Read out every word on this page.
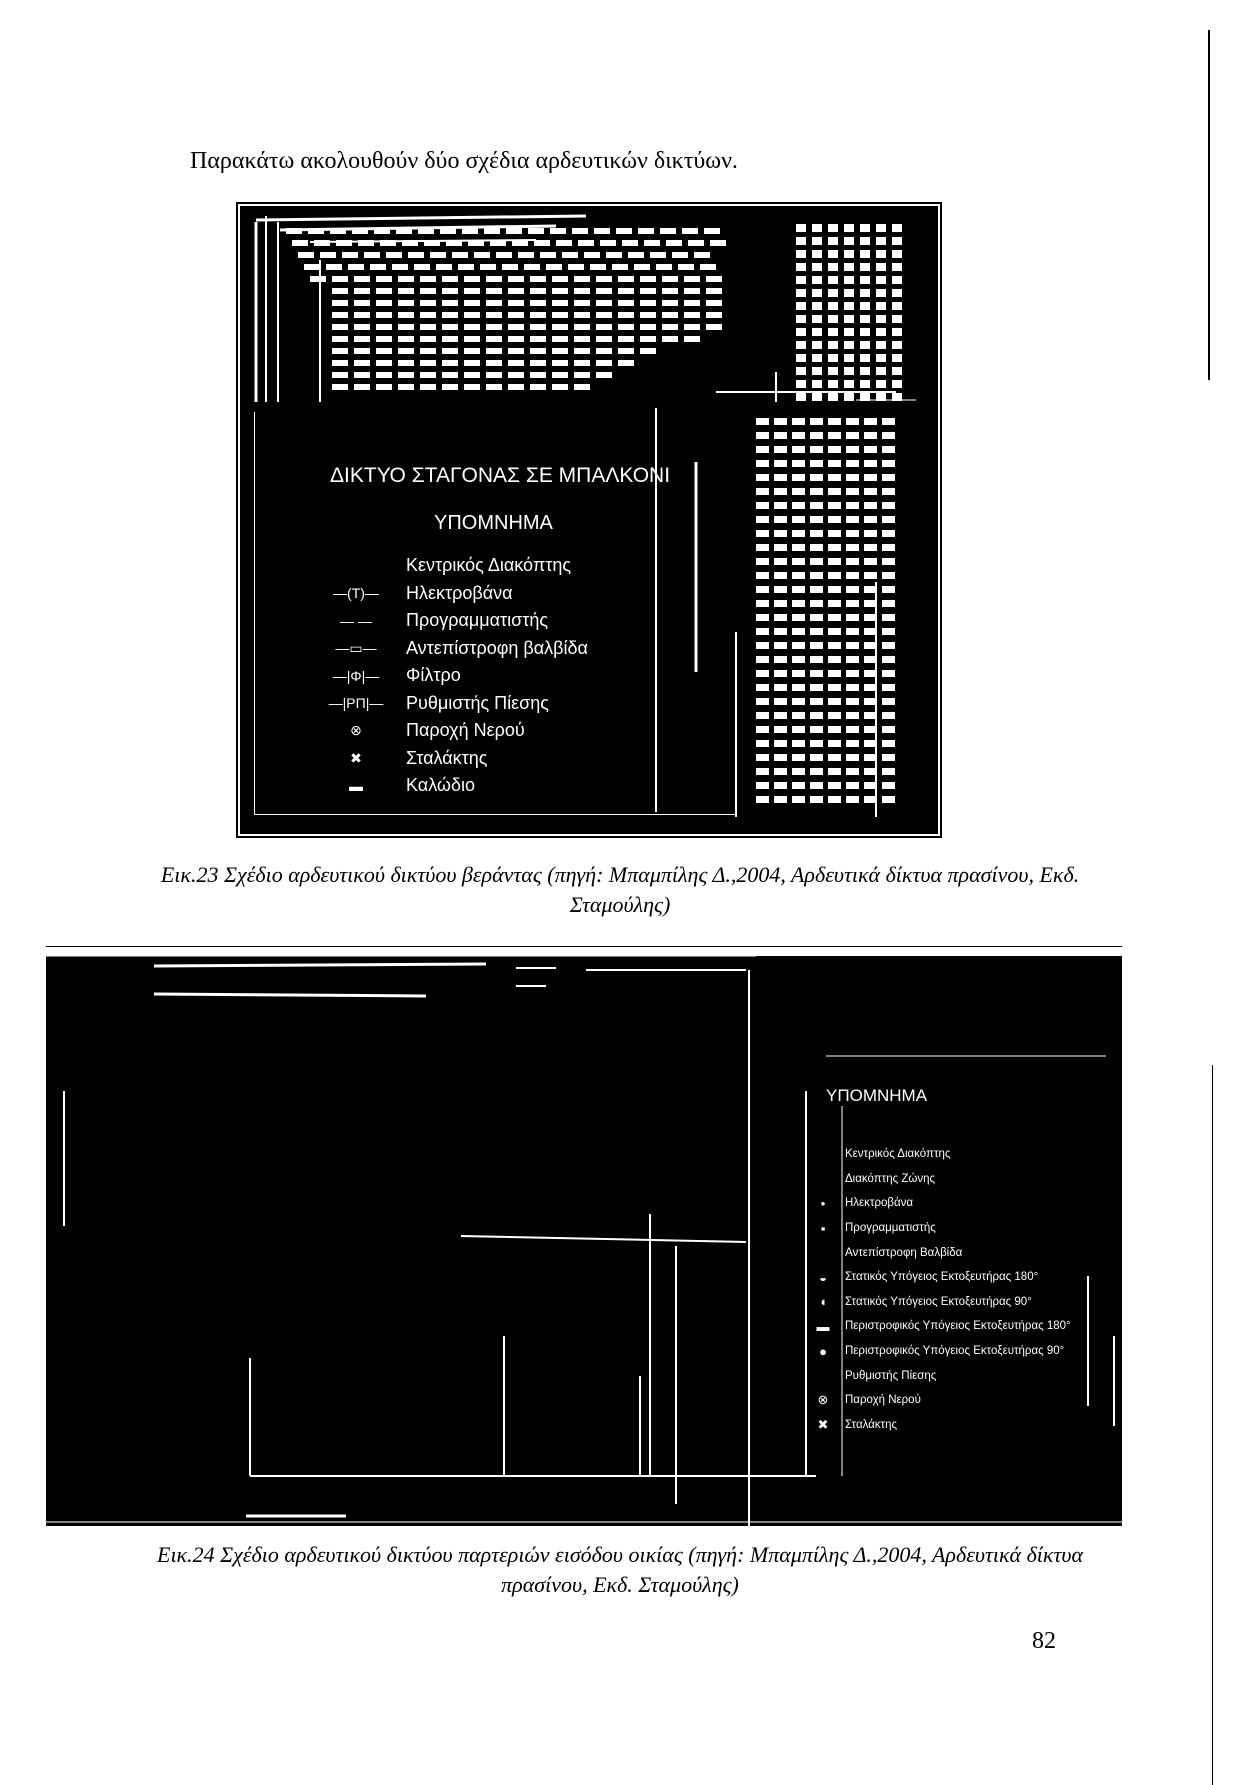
Παρακάτω ακολουθούν δύο σχέδια αρδευτικών δικτύων.
ΔΙΚΤΥΟ ΣΤΑΓΟΝΑΣ ΣΕ ΜΠΑΛΚΟΝΙ
ΥΠΟΜΝΗΜΑ
Κεντρικός Διακόπτης
—(T)—	Ηλεκτροβάνα
— —	Προγραμματιστής
—▭—	Αντεπίστροφη βαλβίδα
—|Φ|—	Φίλτρο
—|PΠ|—	Ρυθμιστής Πίεσης
⊗	Παροχή Νερού
✖	Σταλάκτης
▬	Καλώδιο
Εικ.23 Σχέδιο αρδευτικού δικτύου βεράντας (πηγή: Μπαμπίλης Δ.,2004, Αρδευτικά δίκτυα πρασίνου, Εκδ. Σταμούλης)
ΥΠΟΜΝΗΜΑ
Κεντρικός Διακόπτης
Διακόπτης Ζώνης
•	Ηλεκτροβάνα
▪	Προγραμματιστής
Αντεπίστροφη Βαλβίδα
◒	Στατικός Υπόγειος Εκτοξευτήρας 180°
◖	Στατικός Υπόγειος Εκτοξευτήρας 90°
▬	Περιστροφικός Υπόγειος Εκτοξευτήρας 180°
●	Περιστροφικός Υπόγειος Εκτοξευτήρας 90°
Ρυθμιστής Πίεσης
⊗	Παροχή Νερού
✖	Σταλάκτης
Εικ.24 Σχέδιο αρδευτικού δικτύου παρτεριών εισόδου οικίας (πηγή: Μπαμπίλης Δ.,2004, Αρδευτικά δίκτυα πρασίνου, Εκδ. Σταμούλης)
82
